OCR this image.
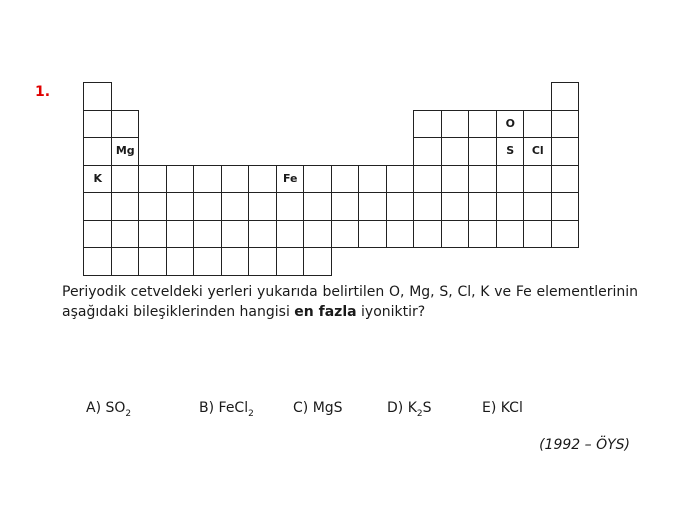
1.
O
Mg	S	Cl
K	Fe
Periyodik cetveldeki yerleri yukarıda belirtilen O, Mg, S, Cl, K ve Fe elementlerinin aşağıdaki bileşiklerinden hangisi en fazla iyoniktir?
A) $SO_2$	B) FeCl$_2$	C) MgS	D) $K_2S$	E) KCl
(1992 – ÖYS)
